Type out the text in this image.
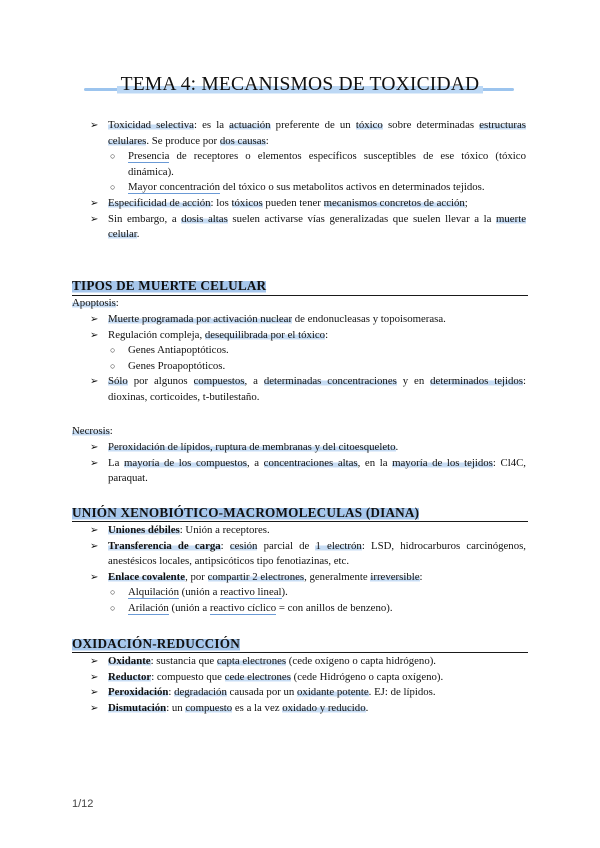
TEMA 4: MECANISMOS DE TOXICIDAD
➢ Toxicidad selectiva: es la actuación preferente de un tóxico sobre determinadas estructuras celulares. Se produce por dos causas:
○ Presencia de receptores o elementos específicos susceptibles de ese tóxico (tóxico dinámica).
○ Mayor concentración del tóxico o sus metabolitos activos en determinados tejidos.
➢ Especificidad de acción: los tóxicos pueden tener mecanismos concretos de acción;
➢ Sin embargo, a dosis altas suelen activarse vías generalizadas que suelen llevar a la muerte celular.
TIPOS DE MUERTE CELULAR
Apoptosis:
➢ Muerte programada por activación nuclear de endonucleasas y topoisomerasa.
➢ Regulación compleja, desequilibrada por el tóxico:
○ Genes Antiapoptóticos.
○ Genes Proapoptóticos.
➢ Sólo por algunos compuestos, a determinadas concentraciones y en determinados tejidos: dioxinas, corticoides, t-butilestaño.
Necrosis:
➢ Peroxidación de lípidos, ruptura de membranas y del citoesqueleto.
➢ La mayoría de los compuestos, a concentraciones altas, en la mayoría de los tejidos: Cl4C, paraquat.
UNIÓN XENOBIÓTICO-MACROMOLECULAS (DIANA)
➢ Uniones débiles: Unión a receptores.
➢ Transferencia de carga: cesión parcial de 1 electrón: LSD, hidrocarburos carcinógenos, anestésicos locales, antipsicóticos tipo fenotiazinas, etc.
➢ Enlace covalente, por compartir 2 electrones, generalmente irreversible:
○ Alquilación (unión a reactivo lineal).
○ Arilación (unión a reactivo cíclico = con anillos de benzeno).
OXIDACIÓN-REDUCCIÓN
➢ Oxidante: sustancia que capta electrones (cede oxígeno o capta hidrógeno).
➢ Reductor: compuesto que cede electrones (cede Hidrógeno o capta oxígeno).
➢ Peroxidación: degradación causada por un oxidante potente. EJ: de lípidos.
➢ Dismutación: un compuesto es a la vez oxidado y reducido.
1/12
